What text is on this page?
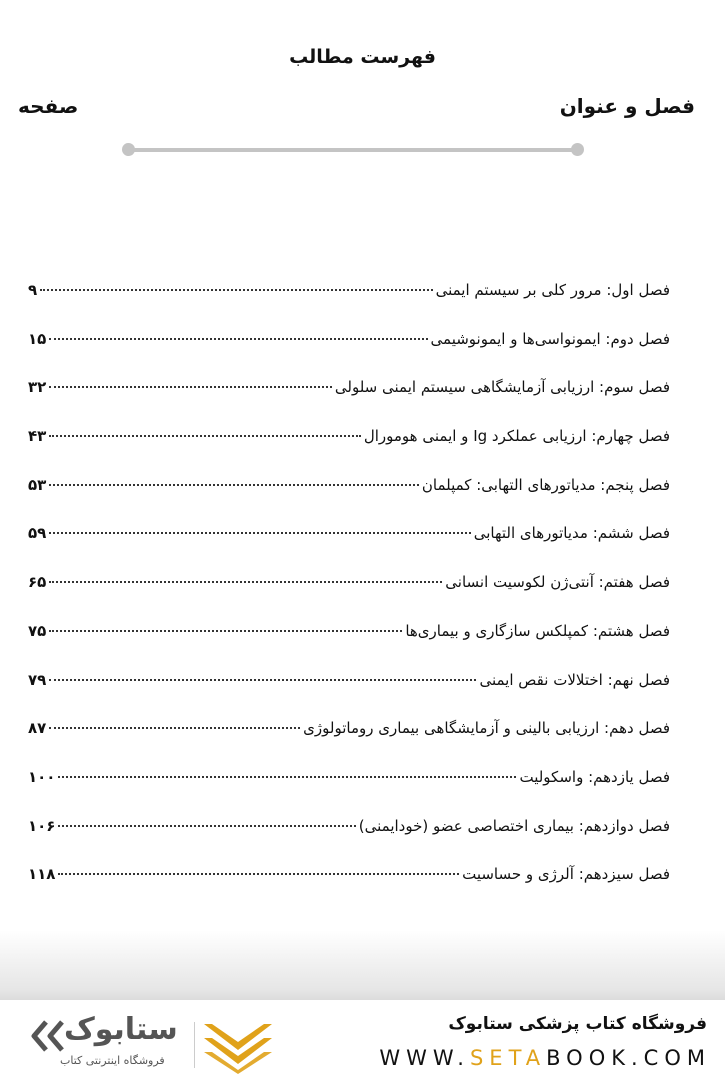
فهرست مطالب
فصل و عنوان
صفحه
فصل اول: مرور کلی بر سیستم ایمنی
۹
فصل دوم: ایمونواسی‌ها و ایمونوشیمی
۱۵
فصل سوم: ارزیابی آزمایشگاهی سیستم ایمنی سلولی
۳۲
فصل چهارم: ارزیابی عملکرد Ig و ایمنی هومورال
۴۳
فصل پنجم: مدیاتورهای التهابی: کمپلمان
۵۳
فصل ششم: مدیاتورهای التهابی
۵۹
فصل هفتم: آنتی‌ژن لکوسیت انسانی
۶۵
فصل هشتم: کمپلکس سازگاری و بیماری‌ها
۷۵
فصل نهم: اختلالات نقص ایمنی
۷۹
فصل دهم: ارزیابی بالینی و آزمایشگاهی بیماری روماتولوژی
۸۷
فصل یازدهم: واسکولیت
۱۰۰
فصل دوازدهم: بیماری اختصاصی عضو (خودایمنی)
۱۰۶
فصل سیزدهم: آلرژی و حساسیت
۱۱۸
فروشگاه کتاب پزشکی ستابوک
WWW.SETABOOK.COM
ستابوک
فروشگاه اینترنتی کتاب
